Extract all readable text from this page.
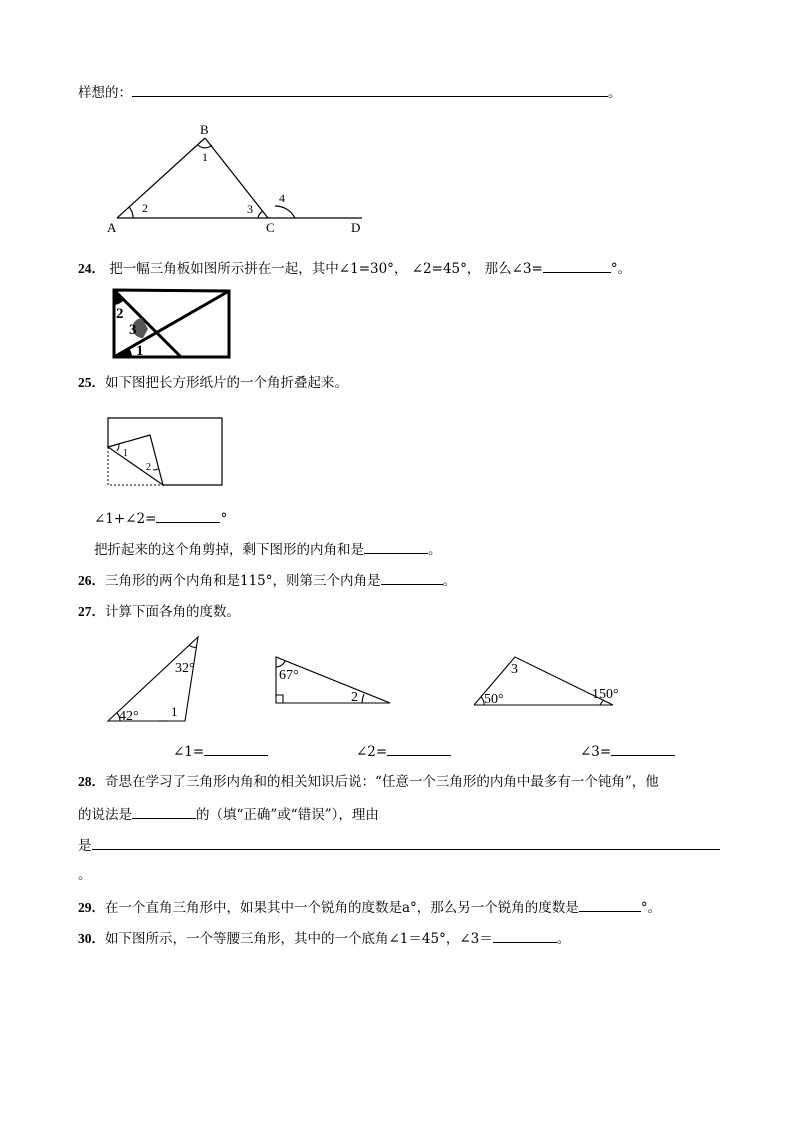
样想的：	。
B
A	C	D
1
2	3
4
24． 把一幅三角板如图所示拼在一起，其中∠1=30°， ∠2=45°， 那么∠3=	°。
2
3
1
25．如下图把长方形纸片的一个角折叠起来。
1
2
∠1+∠2=	°
把折起来的这个角剪掉，剩下图形的内角和是	。
26．三角形的两个内角和是115°，则第三个内角是	。
27．计算下面各角的度数。
32°
42° 1
67°
2
3
50°	150°
∠1=	∠2=	∠3=
28．奇思在学习了三角形内角和的相关知识后说：“任意一个三角形的内角中最多有一个钝角”，他
的说法是	的（填“正确”或“错误”），理由
是
。
29．在一个直角三角形中，如果其中一个锐角的度数是a°，那么另一个锐角的度数是	°。
30．如下图所示，一个等腰三角形，其中的一个底角∠1＝45°，∠3＝	。
